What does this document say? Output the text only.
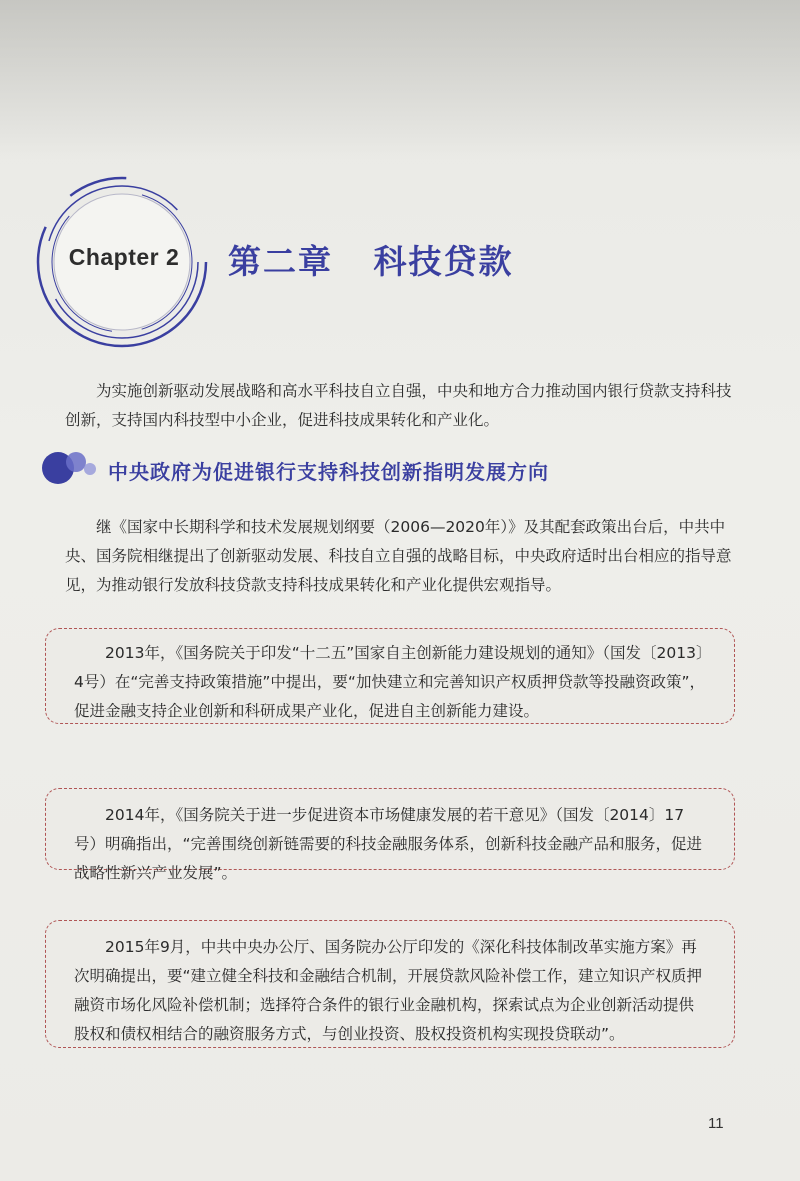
Chapter 2 第二章   科技贷款
为实施创新驱动发展战略和高水平科技自立自强，中央和地方合力推动国内银行贷款支持科技创新，支持国内科技型中小企业，促进科技成果转化和产业化。
中央政府为促进银行支持科技创新指明发展方向
继《国家中长期科学和技术发展规划纲要（2006—2020年）》及其配套政策出台后，中共中央、国务院相继提出了创新驱动发展、科技自立自强的战略目标，中央政府适时出台相应的指导意见，为推动银行发放科技贷款支持科技成果转化和产业化提供宏观指导。
2013年，《国务院关于印发“十二五”国家自主创新能力建设规划的通知》（国发〔2013〕4号）在“完善支持政策措施”中提出，要“加快建立和完善知识产权质押贷款等投融资政策”，促进金融支持企业创新和科研成果产业化，促进自主创新能力建设。
2014年，《国务院关于进一步促进资本市场健康发展的若干意见》（国发〔2014〕17号）明确指出，“完善围绕创新链需要的科技金融服务体系，创新科技金融产品和服务，促进战略性新兴产业发展”。
2015年9月，中共中央办公厅、国务院办公厅印发的《深化科技体制改革实施方案》再次明确提出，要“建立健全科技和金融结合机制，开展贷款风险补偿工作，建立知识产权质押融资市场化风险补偿机制；选择符合条件的银行业金融机构，探索试点为企业创新活动提供股权和债权相结合的融资服务方式，与创业投资、股权投资机构实现投贷联动”。
11
